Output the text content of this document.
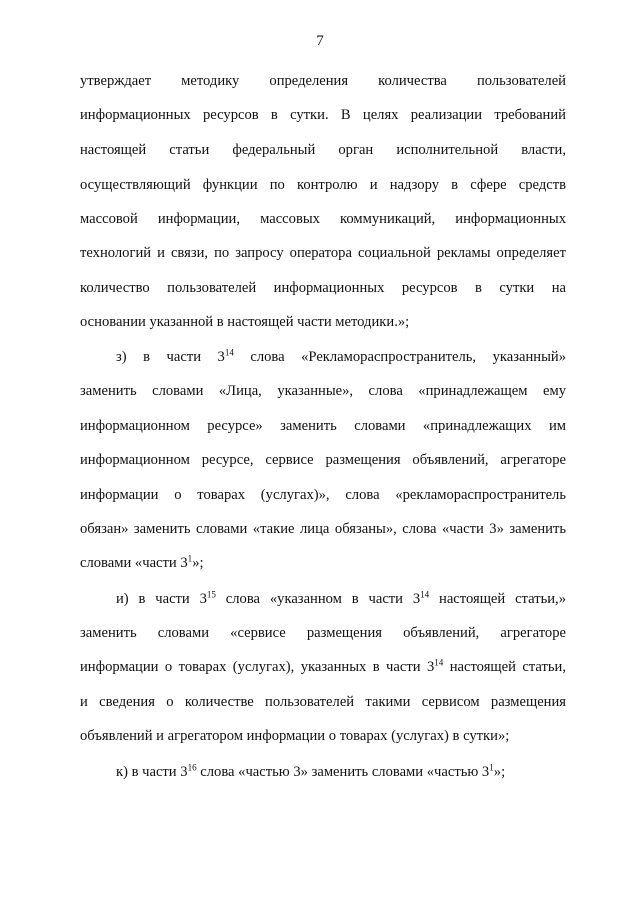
7
утверждает методику определения количества пользователей
информационных ресурсов в сутки. В целях реализации требований
настоящей статьи федеральный орган исполнительной власти,
осуществляющий функции по контролю и надзору в сфере средств
массовой информации, массовых коммуникаций, информационных
технологий и связи, по запросу оператора социальной рекламы определяет
количество пользователей информационных ресурсов в сутки на
основании указанной в настоящей части методики.»;
з) в части $3^{14}$ слова «Рекламораспространитель, указанный»
заменить словами «Лица, указанные», слова «принадлежащем ему
информационном ресурсе» заменить словами «принадлежащих им
информационном ресурсе, сервисе размещения объявлений, агрегаторе
информации о товарах (услугах)», слова «рекламораспространитель
обязан» заменить словами «такие лица обязаны», слова «части 3» заменить
словами «части $3^1$»;
и) в части $3^{15}$ слова «указанном в части $3^{14}$ настоящей статьи,»
заменить словами «сервисе размещения объявлений, агрегаторе
информации о товарах (услугах), указанных в части $3^{14}$ настоящей статьи,
и сведения о количестве пользователей такими сервисом размещения
объявлений и агрегатором информации о товарах (услугах) в сутки»;
к) в части $3^{16}$ слова «частью 3» заменить словами «частью $3^1$»;
